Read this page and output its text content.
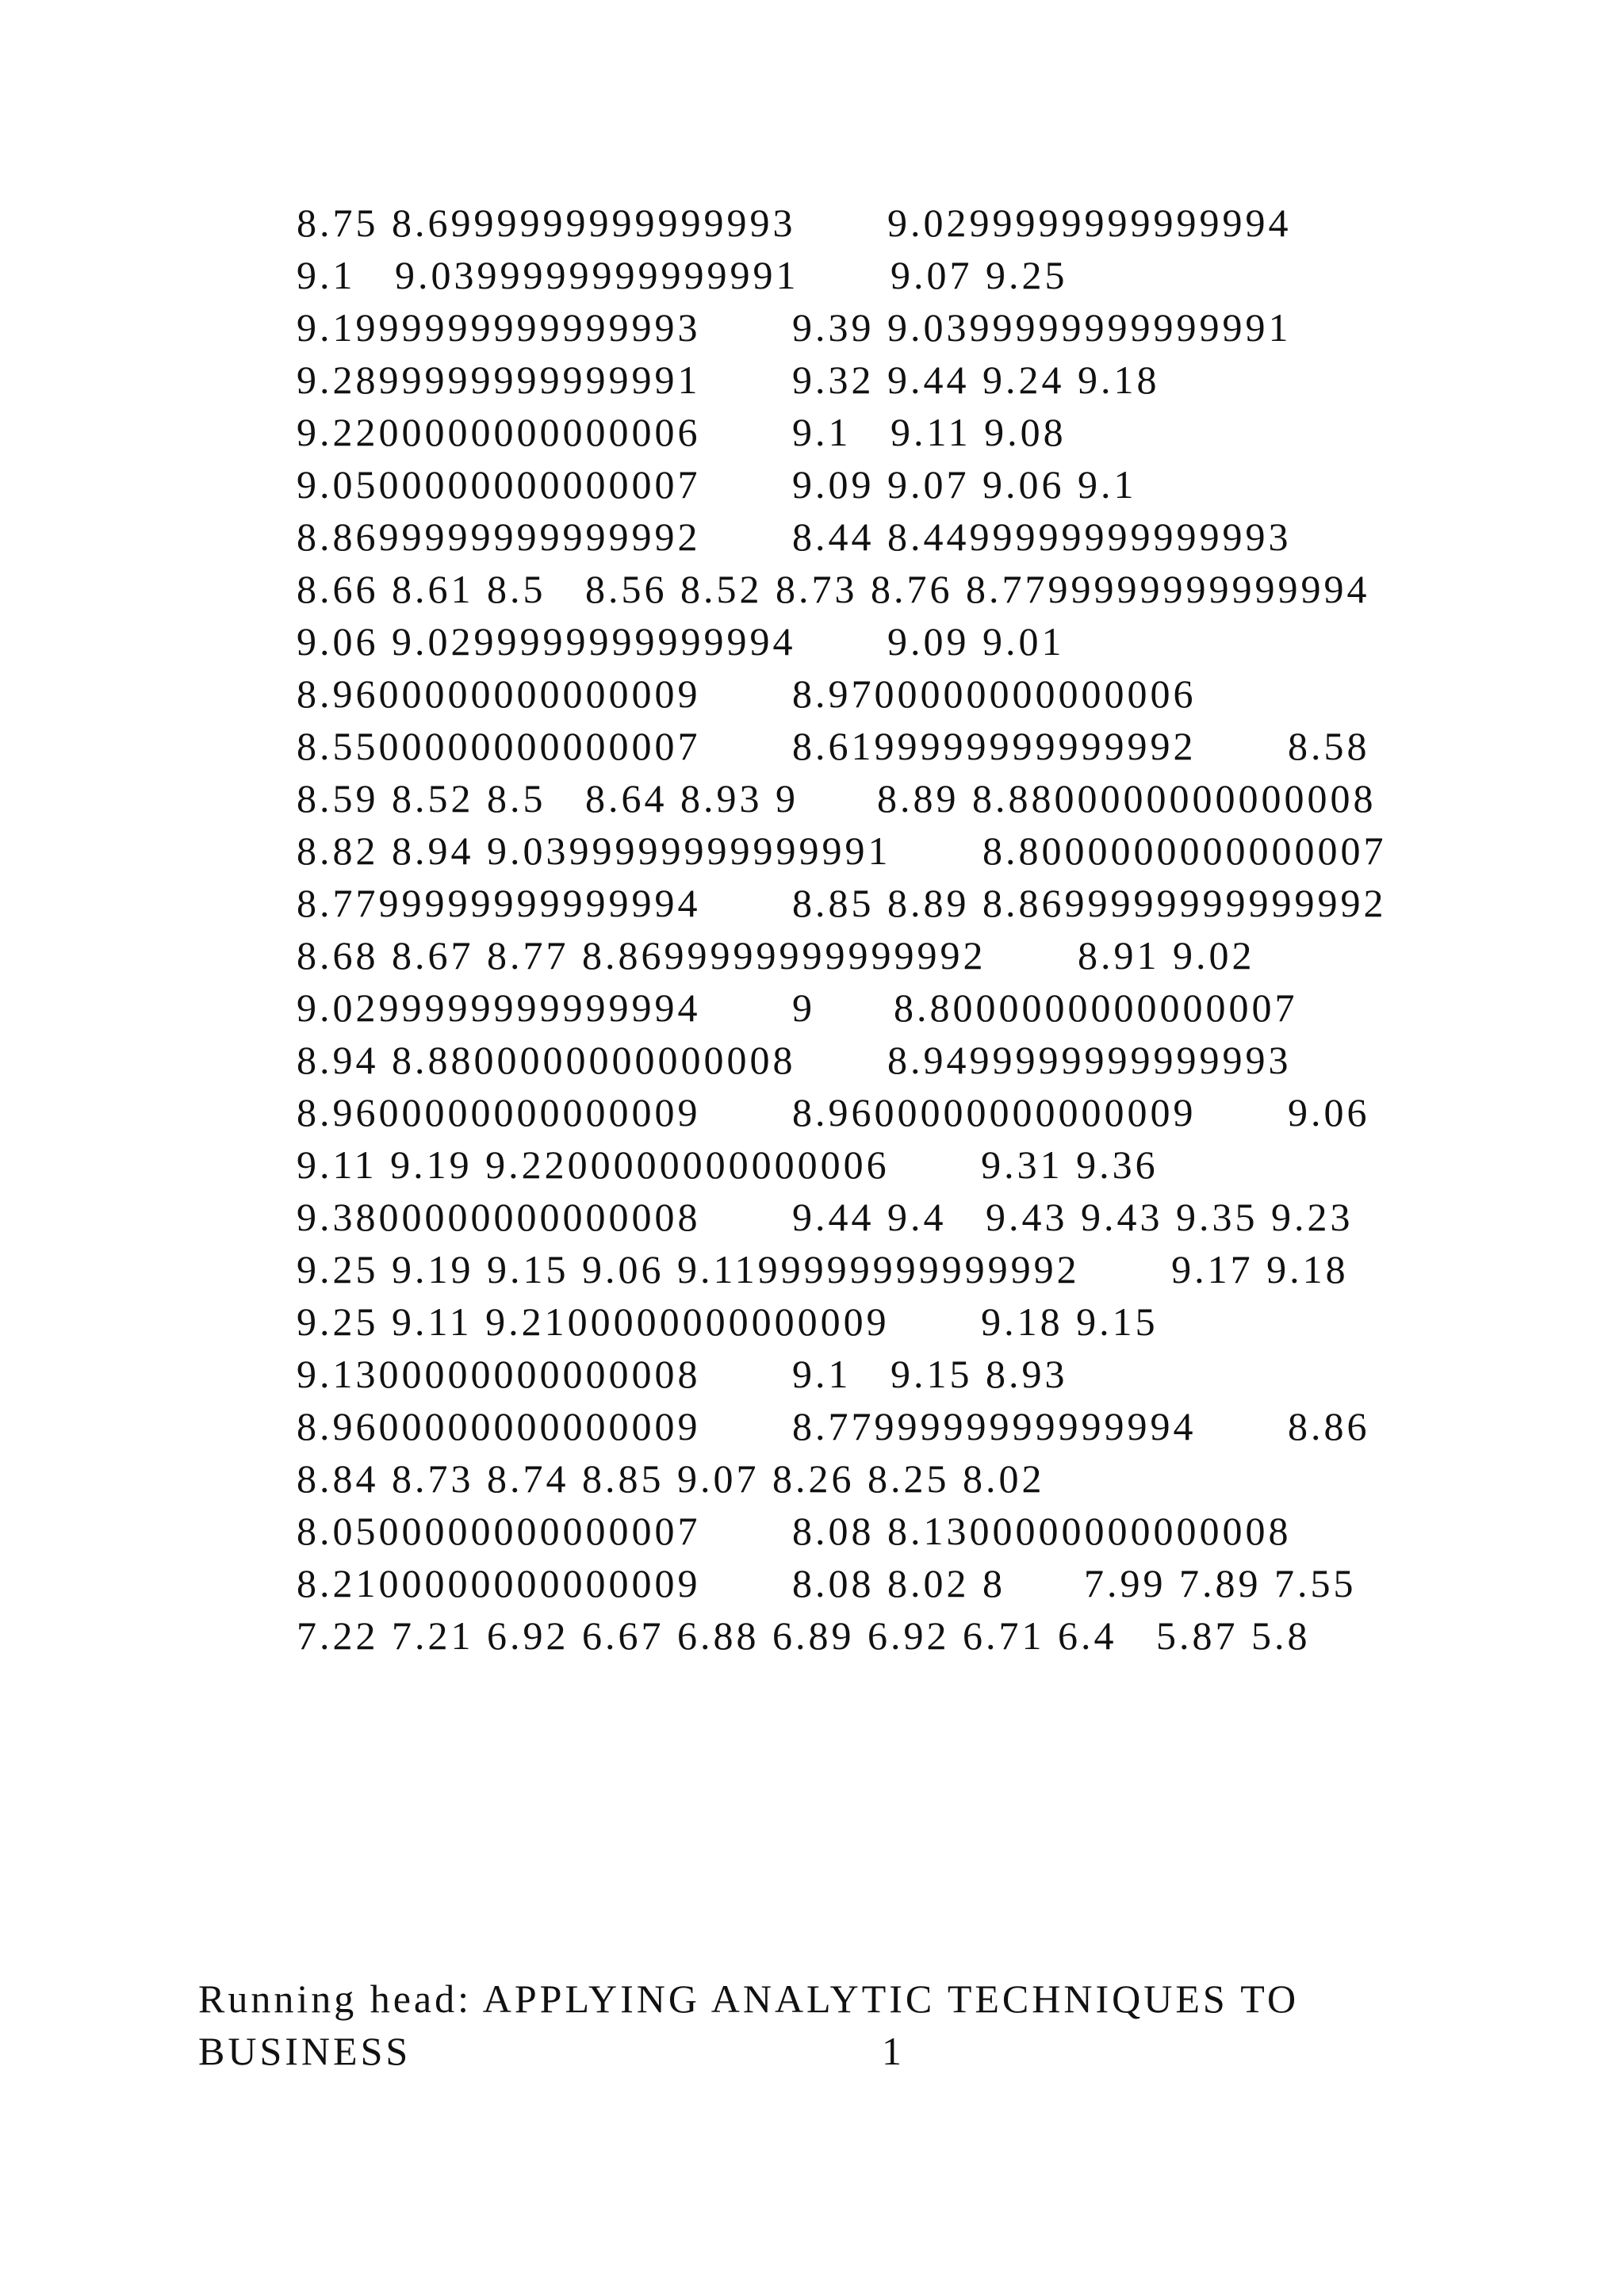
8.75 8.6999999999999993       9.0299999999999994
9.1   9.0399999999999991       9.07 9.25
9.1999999999999993       9.39 9.0399999999999991
9.2899999999999991       9.32 9.44 9.24 9.18
9.2200000000000006       9.1   9.11 9.08
9.0500000000000007       9.09 9.07 9.06 9.1
8.8699999999999992       8.44 8.4499999999999993
8.66 8.61 8.5   8.56 8.52 8.73 8.76 8.7799999999999994
9.06 9.0299999999999994       9.09 9.01
8.9600000000000009       8.9700000000000006
8.5500000000000007       8.6199999999999992       8.58
8.59 8.52 8.5   8.64 8.93 9      8.89 8.8800000000000008
8.82 8.94 9.0399999999999991       8.8000000000000007
8.7799999999999994       8.85 8.89 8.8699999999999992
8.68 8.67 8.77 8.8699999999999992       8.91 9.02
9.0299999999999994       9      8.8000000000000007
8.94 8.8800000000000008       8.9499999999999993
8.9600000000000009       8.9600000000000009       9.06
9.11 9.19 9.2200000000000006       9.31 9.36
9.3800000000000008       9.44 9.4   9.43 9.43 9.35 9.23
9.25 9.19 9.15 9.06 9.1199999999999992       9.17 9.18
9.25 9.11 9.2100000000000009       9.18 9.15
9.1300000000000008       9.1   9.15 8.93
8.9600000000000009       8.7799999999999994       8.86
8.84 8.73 8.74 8.85 9.07 8.26 8.25 8.02
8.0500000000000007       8.08 8.1300000000000008
8.2100000000000009       8.08 8.02 8      7.99 7.89 7.55
7.22 7.21 6.92 6.67 6.88 6.89 6.92 6.71 6.4   5.87 5.8
Running head: APPLYING ANALYTIC TECHNIQUES TO
BUSINESS	1
